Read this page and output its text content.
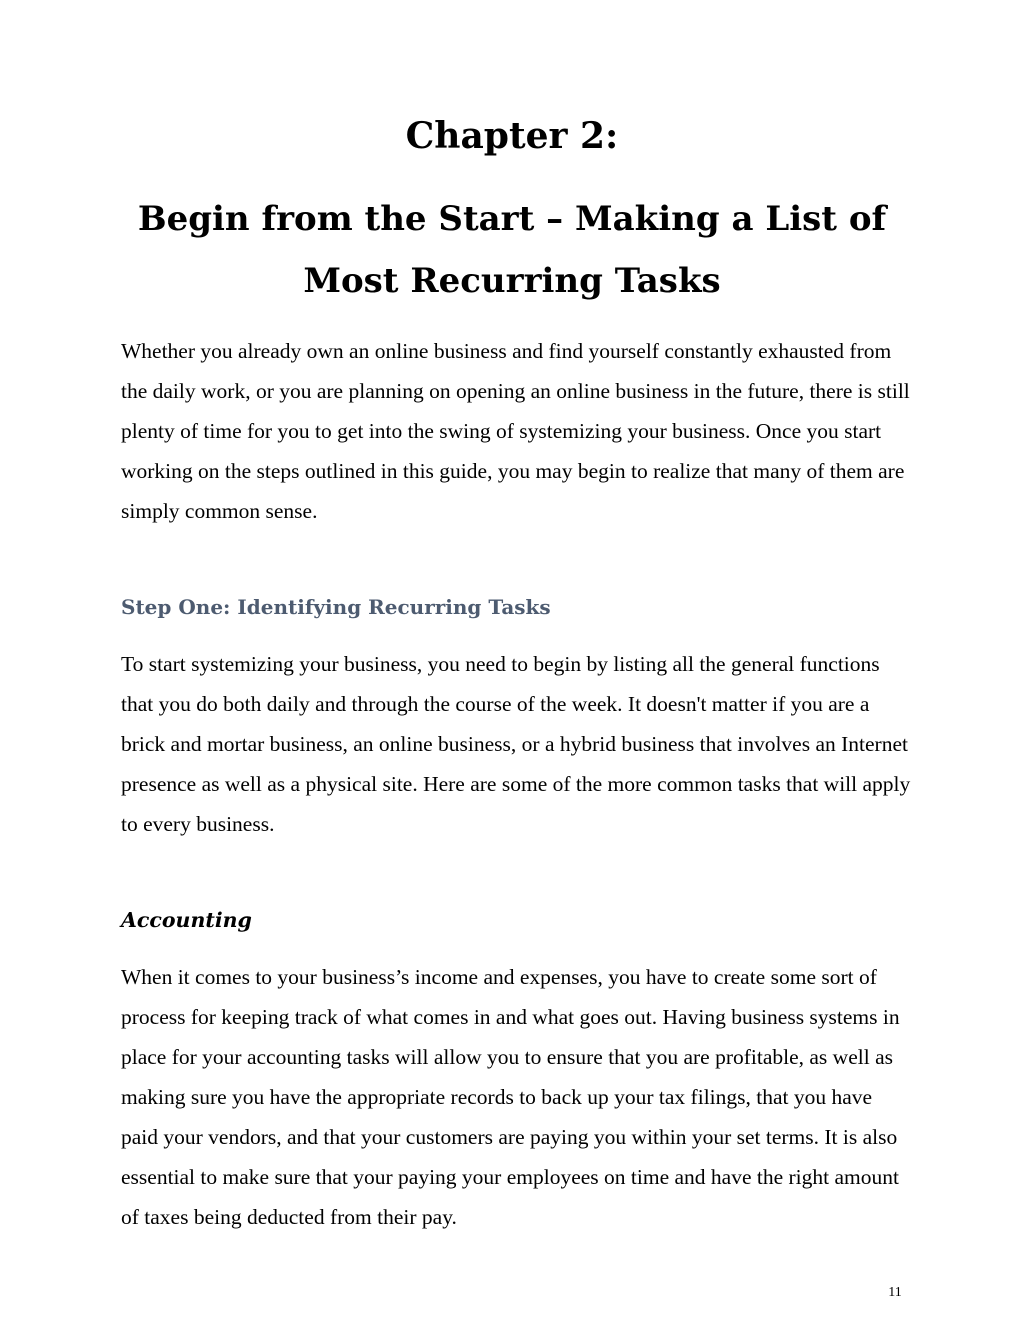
Chapter 2:
Begin from the Start – Making a List of Most Recurring Tasks

Whether you already own an online business and find yourself constantly exhausted from the daily work, or you are planning on opening an online business in the future, there is still plenty of time for you to get into the swing of systemizing your business. Once you start working on the steps outlined in this guide, you may begin to realize that many of them are simply common sense.

Step One: Identifying Recurring Tasks

To start systemizing your business, you need to begin by listing all the general functions that you do both daily and through the course of the week. It doesn't matter if you are a brick and mortar business, an online business, or a hybrid business that involves an Internet presence as well as a physical site. Here are some of the more common tasks that will apply to every business.

Accounting

When it comes to your business’s income and expenses, you have to create some sort of process for keeping track of what comes in and what goes out. Having business systems in place for your accounting tasks will allow you to ensure that you are profitable, as well as making sure you have the appropriate records to back up your tax filings, that you have paid your vendors, and that your customers are paying you within your set terms. It is also essential to make sure that your paying your employees on time and have the right amount of taxes being deducted from their pay.

11
